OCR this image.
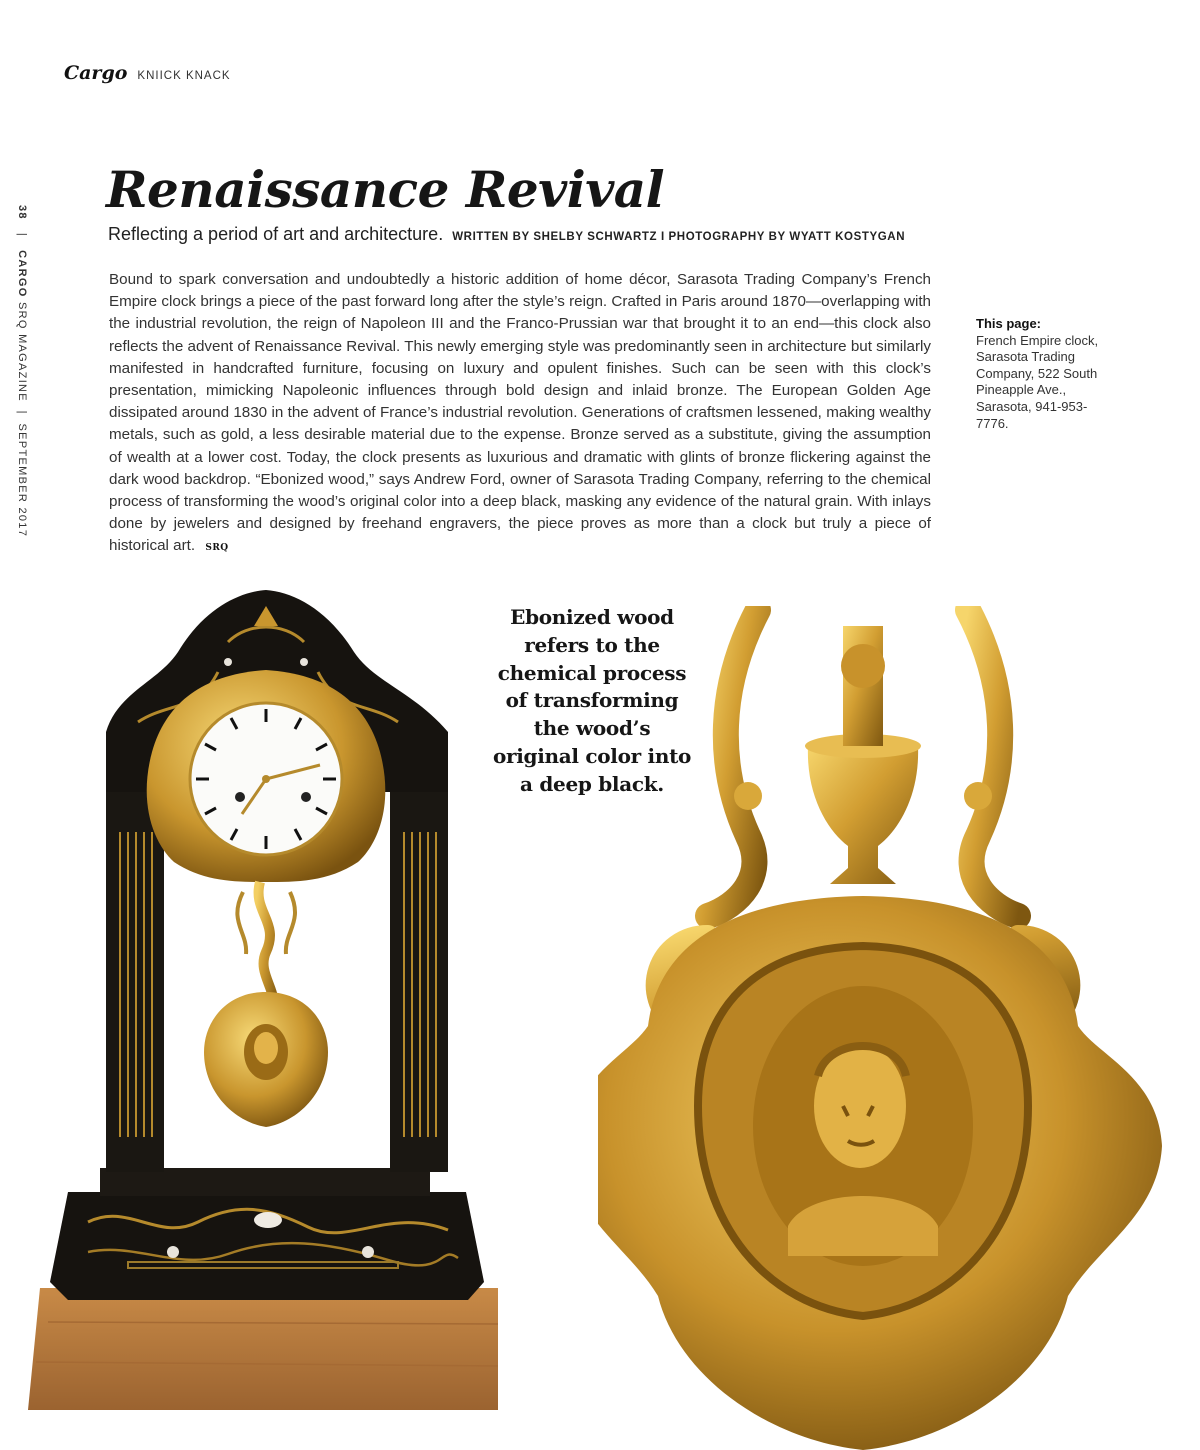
Cargo KNIICK KNACK
38   |   CARGO SRQ MAGAZINE  |  SEPTEMBER 2017
Renaissance Revival
Reflecting a period of art and architecture. WRITTEN BY SHELBY SCHWARTZ I PHOTOGRAPHY BY WYATT KOSTYGAN

Bound to spark conversation and undoubtedly a historic addition of home décor, Sarasota Trading Company’s French Empire clock brings a piece of the past forward long after the style’s reign. Crafted in Paris around 1870—overlapping with the industrial revolution, the reign of Napoleon III and the Franco-Prussian war that brought it to an end—this clock also reflects the advent of Renaissance Revival. This newly emerging style was predominantly seen in architecture but similarly manifested in handcrafted furniture, focusing on luxury and opulent finishes. Such can be seen with this clock’s presentation, mimicking Napoleonic influences through bold design and inlaid bronze. The European Golden Age dissipated around 1830 in the advent of France’s industrial revolution. Generations of craftsmen lessened, making wealthy metals, such as gold, a less desirable material due to the expense. Bronze served as a substitute, giving the assumption of wealth at a lower cost. Today, the clock presents as luxurious and dramatic with glints of bronze flickering against the dark wood backdrop. “Ebonized wood,” says Andrew Ford, owner of Sarasota Trading Company, referring to the chemical process of transforming the wood’s original color into a deep black, masking any evidence of the natural grain. With inlays done by jewelers and designed by freehand engravers, the piece proves as more than a clock but truly a piece of historical art. SRQ

This page:
French Empire clock, Sarasota Trading Company, 522 South Pineapple Ave., Sarasota, 941-953-7776.
Ebonized wood refers to the chemical process of transforming the wood’s original color into a deep black.
